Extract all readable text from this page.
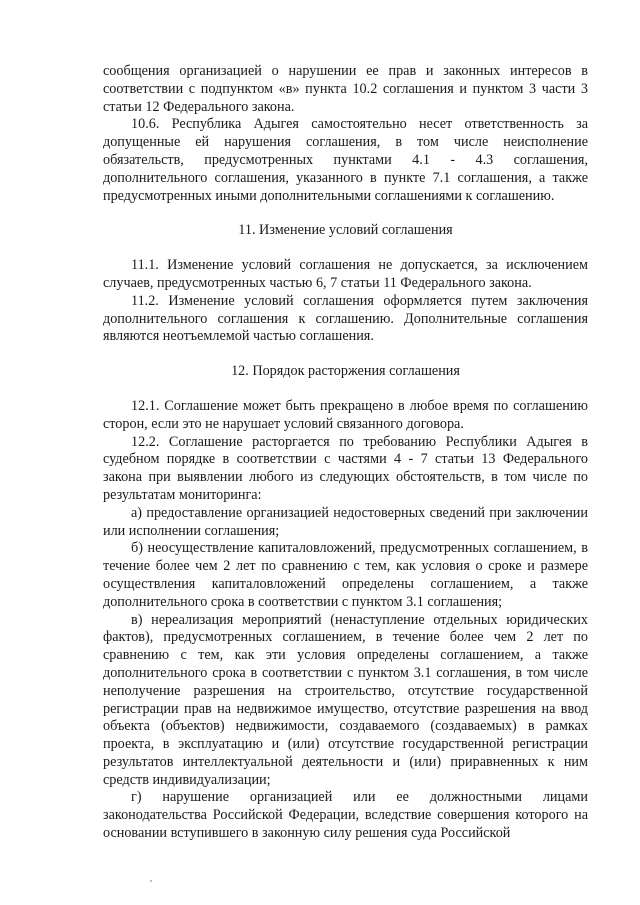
сообщения организацией о нарушении ее прав и законных интересов в соответствии с подпунктом «в» пункта 10.2 соглашения и пунктом 3 части 3 статьи 12 Федерального закона.

10.6. Республика Адыгея самостоятельно несет ответственность за допущенные ей нарушения соглашения, в том числе неисполнение обязательств, предусмотренных пунктами 4.1 - 4.3 соглашения, дополнительного соглашения, указанного в пункте 7.1 соглашения, а также предусмотренных иными дополнительными соглашениями к соглашению.

11. Изменение условий соглашения

11.1. Изменение условий соглашения не допускается, за исключением случаев, предусмотренных частью 6, 7 статьи 11 Федерального закона.

11.2. Изменение условий соглашения оформляется путем заключения дополнительного соглашения к соглашению. Дополнительные соглашения являются неотъемлемой частью соглашения.

12. Порядок расторжения соглашения

12.1. Соглашение может быть прекращено в любое время по соглашению сторон, если это не нарушает условий связанного договора.

12.2. Соглашение расторгается по требованию Республики Адыгея в судебном порядке в соответствии с частями 4 - 7 статьи 13 Федерального закона при выявлении любого из следующих обстоятельств, в том числе по результатам мониторинга:

а) предоставление организацией недостоверных сведений при заключении или исполнении соглашения;

б) неосуществление капиталовложений, предусмотренных соглашением, в течение более чем 2 лет по сравнению с тем, как условия о сроке и размере осуществления капиталовложений определены соглашением, а также дополнительного срока в соответствии с пунктом 3.1 соглашения;

в) нереализация мероприятий (ненаступление отдельных юридических фактов), предусмотренных соглашением, в течение более чем 2 лет по сравнению с тем, как эти условия определены соглашением, а также дополнительного срока в соответствии с пунктом 3.1 соглашения, в том числе неполучение разрешения на строительство, отсутствие государственной регистрации прав на недвижимое имущество, отсутствие разрешения на ввод объекта (объектов) недвижимости, создаваемого (создаваемых) в рамках проекта, в эксплуатацию и (или) отсутствие государственной регистрации результатов интеллектуальной деятельности и (или) приравненных к ним средств индивидуализации;

г) нарушение организацией или ее должностными лицами законодательства Российской Федерации, вследствие совершения которого на основании вступившего в законную силу решения суда Российской
